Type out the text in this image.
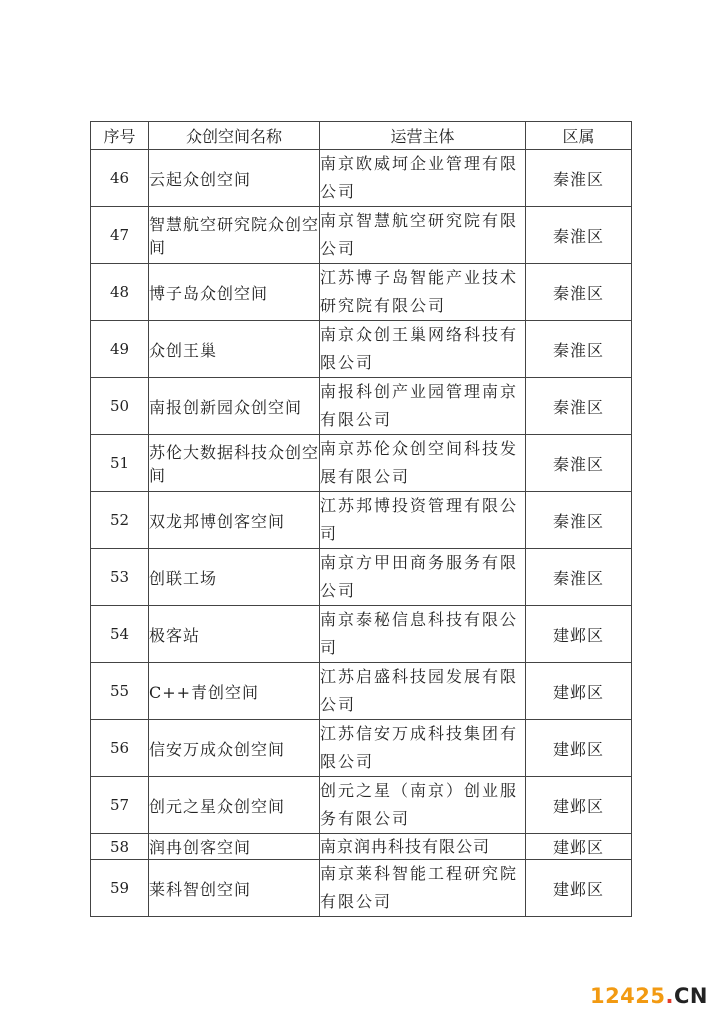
序号	众创空间名称	运营主体	区属
46	云起众创空间	南京欧威坷企业管理有限公司	秦淮区
47	智慧航空研究院众创空间	南京智慧航空研究院有限公司	秦淮区
48	博子岛众创空间	江苏博子岛智能产业技术研究院有限公司	秦淮区
49	众创王巢	南京众创王巢网络科技有限公司	秦淮区
50	南报创新园众创空间	南报科创产业园管理南京有限公司	秦淮区
51	苏伦大数据科技众创空间	南京苏伦众创空间科技发展有限公司	秦淮区
52	双龙邦博创客空间	江苏邦博投资管理有限公司	秦淮区
53	创联工场	南京方甲田商务服务有限公司	秦淮区
54	极客站	南京泰秘信息科技有限公司	建邺区
55	C++青创空间	江苏启盛科技园发展有限公司	建邺区
56	信安万成众创空间	江苏信安万成科技集团有限公司	建邺区
57	创元之星众创空间	创元之星（南京）创业服务有限公司	建邺区
58	润冉创客空间	南京润冉科技有限公司	建邺区
59	莱科智创空间	南京莱科智能工程研究院有限公司	建邺区
12425.CN
